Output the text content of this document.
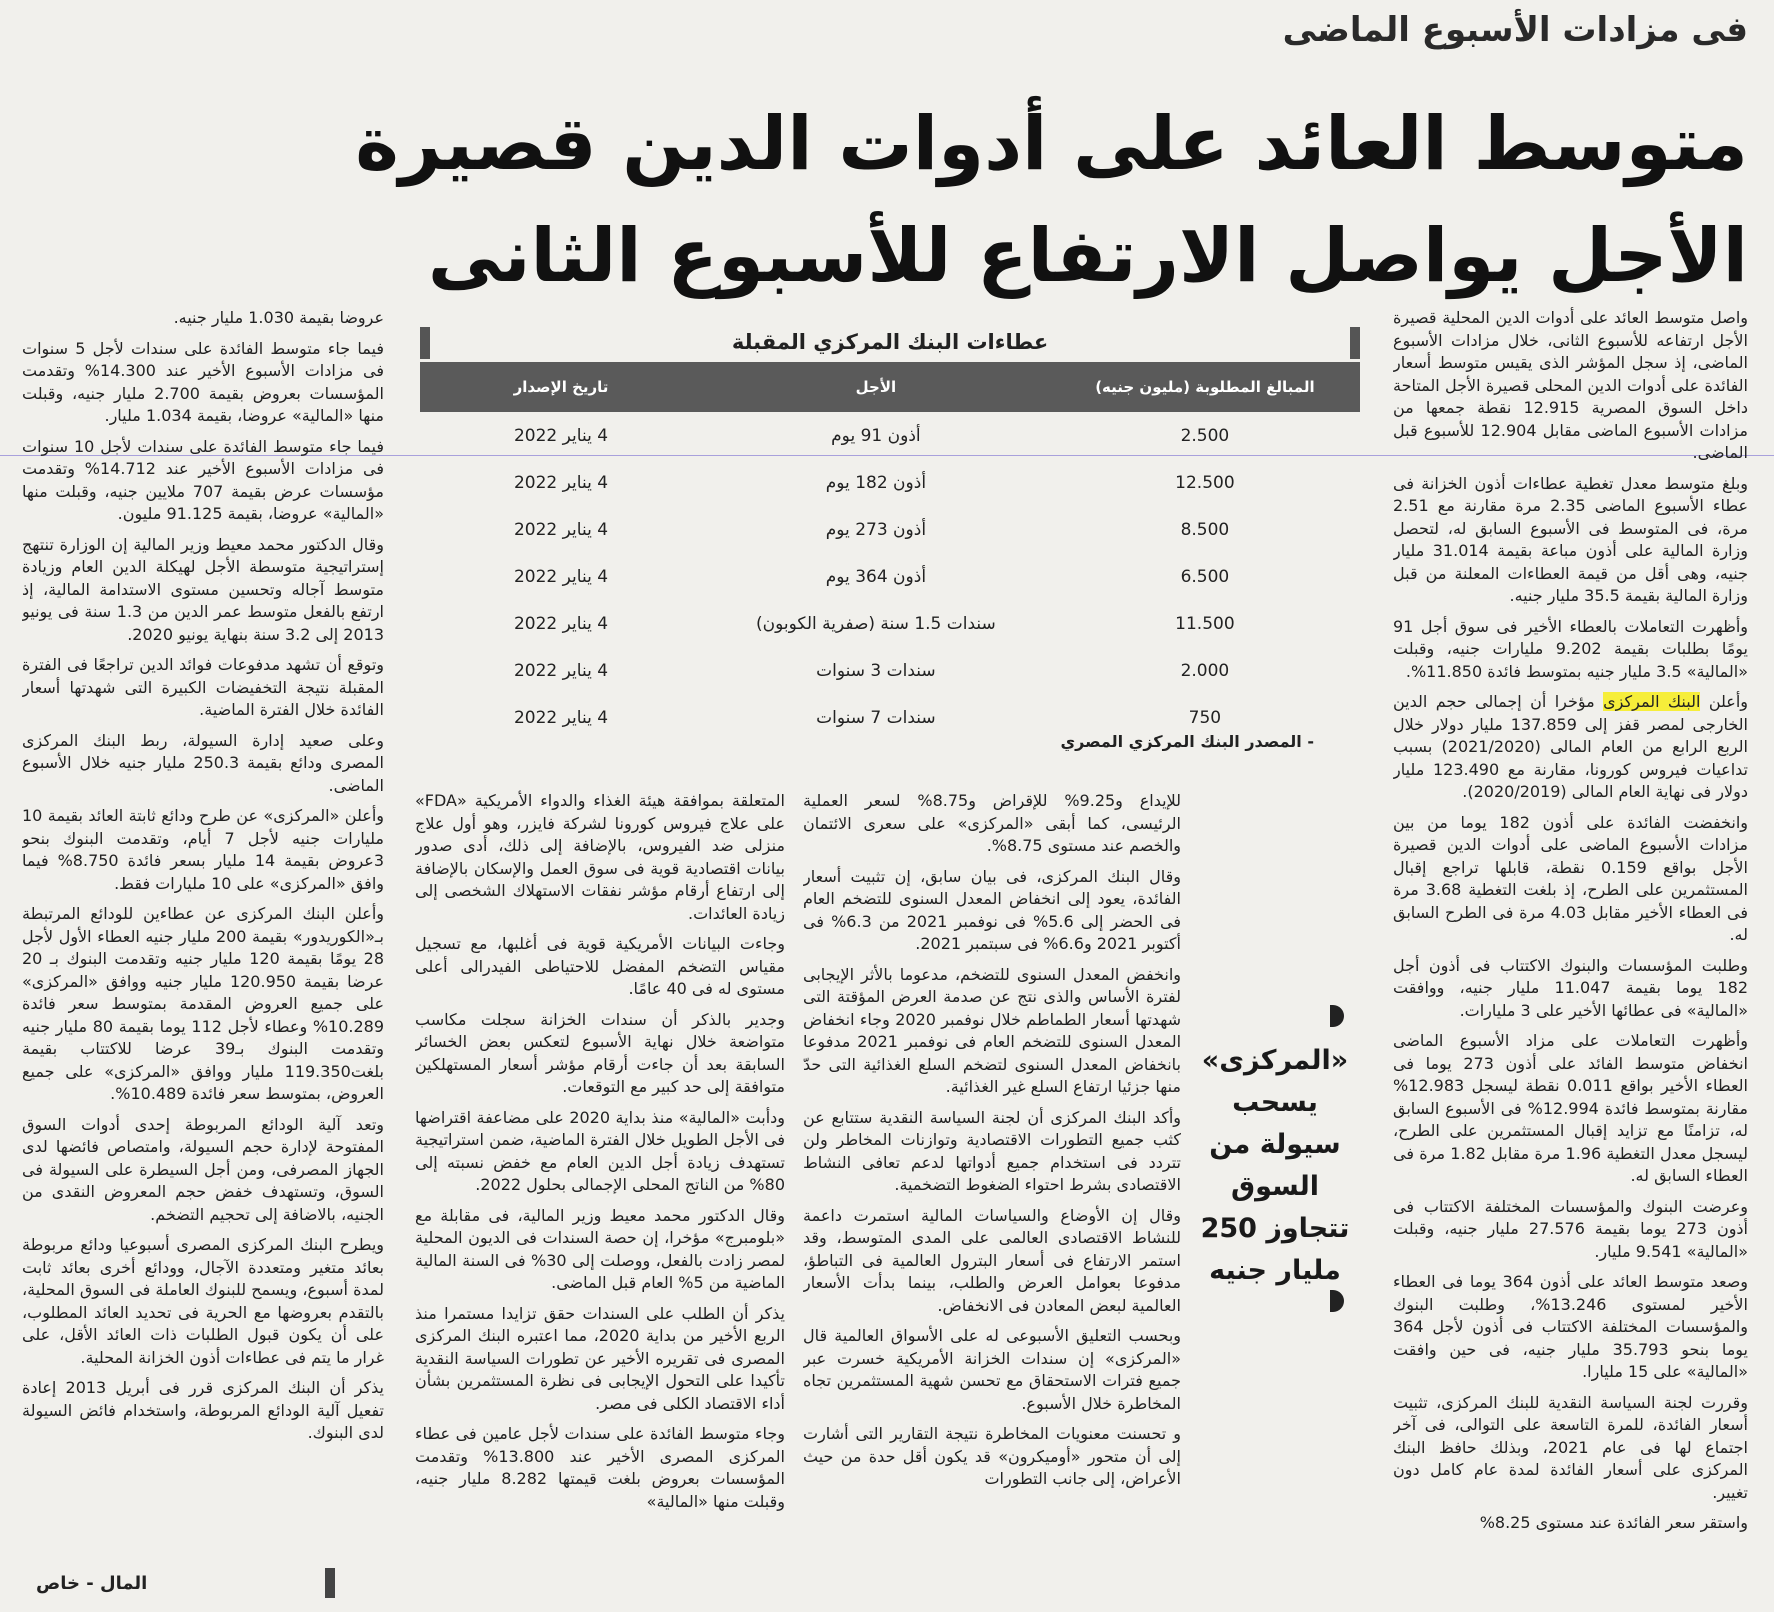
فى مزادات الأسبوع الماضى
متوسط العائد على أدوات الدين قصيرة الأجل يواصل الارتفاع للأسبوع الثانى

واصل متوسط العائد على أدوات الدين المحلية قصيرة الأجل ارتفاعه للأسبوع الثانى، خلال مزادات الأسبوع الماضى، إذ سجل المؤشر الذى يقيس متوسط أسعار الفائدة على أدوات الدين المحلى قصيرة الأجل المتاحة داخل السوق المصرية 12.915 نقطة جمعها من مزادات الأسبوع الماضى مقابل 12.904 للأسبوع قبل الماضى.

وبلغ متوسط معدل تغطية عطاءات أذون الخزانة فى عطاء الأسبوع الماضى 2.35 مرة مقارنة مع 2.51 مرة، فى المتوسط فى الأسبوع السابق له، لتحصل وزارة المالية على أذون مباعة بقيمة 31.014 مليار جنيه، وهى أقل من قيمة العطاءات المعلنة من قبل وزارة المالية بقيمة 35.5 مليار جنيه.

وأظهرت التعاملات بالعطاء الأخير فى سوق أجل 91 يومًا بطلبات بقيمة 9.202 مليارات جنيه، وقبلت «المالية» 3.5 مليار جنيه بمتوسط فائدة 11.850%.

وأعلن البنك المركزى مؤخرا أن إجمالى حجم الدين الخارجى لمصر قفز إلى 137.859 مليار دولار خلال الربع الرابع من العام المالى (2021/2020) بسبب تداعيات فيروس كورونا، مقارنة مع 123.490 مليار دولار فى نهاية العام المالى (2020/2019).

وانخفضت الفائدة على أذون 182 يوما من بين مزادات الأسبوع الماضى على أدوات الدين قصيرة الأجل بواقع 0.159 نقطة، قابلها تراجع إقبال المستثمرين على الطرح، إذ بلغت التغطية 3.68 مرة فى العطاء الأخير مقابل 4.03 مرة فى الطرح السابق له.

وطلبت المؤسسات والبنوك الاكتتاب فى أذون أجل 182 يوما بقيمة 11.047 مليار جنيه، ووافقت «المالية» فى عطائها الأخير على 3 مليارات.

وأظهرت التعاملات على مزاد الأسبوع الماضى انخفاض متوسط الفائد على أذون 273 يوما فى العطاء الأخير بواقع 0.011 نقطة ليسجل 12.983% مقارنة بمتوسط فائدة 12.994% فى الأسبوع السابق له، تزامنًا مع تزايد إقبال المستثمرين على الطرح، ليسجل معدل التغطية 1.96 مرة مقابل 1.82 مرة فى العطاء السابق له.

وعرضت البنوك والمؤسسات المختلفة الاكتتاب فى أذون 273 يوما بقيمة 27.576 مليار جنيه، وقبلت «المالية» 9.541 مليار.

وصعد متوسط العائد على أذون 364 يوما فى العطاء الأخير لمستوى 13.246%، وطلبت البنوك والمؤسسات المختلفة الاكتتاب فى أذون لأجل 364 يوما بنحو 35.793 مليار جنيه، فى حين وافقت «المالية» على 15 مليارا.

وقررت لجنة السياسة النقدية للبنك المركزى، تثبيت أسعار الفائدة، للمرة التاسعة على التوالى، فى آخر اجتماع لها فى عام 2021، وبذلك حافظ البنك المركزى على أسعار الفائدة لمدة عام كامل دون تغيير.

واستقر سعر الفائدة عند مستوى 8.25%

عطاءات البنك المركزي المقبلة
المبالغ المطلوبة (مليون جنيه)
الأجل
تاريخ الإصدار
2.500
أذون 91 يوم
4 يناير 2022
12.500
أذون 182 يوم
4 يناير 2022
8.500
أذون 273 يوم
4 يناير 2022
6.500
أذون 364 يوم
4 يناير 2022
11.500
سندات 1.5 سنة (صفرية الكوبون)
4 يناير 2022
2.000
سندات 3 سنوات
4 يناير 2022
750
سندات 7 سنوات
4 يناير 2022
- المصدر البنك المركزي المصري

للإيداع و9.25% للإقراض و8.75% لسعر العملية الرئيسى، كما أبقى «المركزى» على سعرى الائتمان والخصم عند مستوى 8.75%.

وقال البنك المركزى، فى بيان سابق، إن تثبيت أسعار الفائدة، يعود إلى انخفاض المعدل السنوى للتضخم العام فى الحضر إلى 5.6% فى نوفمبر 2021 من 6.3% فى أكتوبر 2021 و6.6% فى سبتمبر 2021.

وانخفض المعدل السنوى للتضخم، مدعوما بالأثر الإيجابى لفترة الأساس والذى نتج عن صدمة العرض المؤقتة التى شهدتها أسعار الطماطم خلال نوفمبر 2020 وجاء انخفاض المعدل السنوى للتضخم العام فى نوفمبر 2021 مدفوعا بانخفاض المعدل السنوى لتضخم السلع الغذائية التى حدّ منها جزئيا ارتفاع السلع غير الغذائية.

وأكد البنك المركزى أن لجنة السياسة النقدية ستتابع عن كثب جميع التطورات الاقتصادية وتوازنات المخاطر ولن تتردد فى استخدام جميع أدواتها لدعم تعافى النشاط الاقتصادى بشرط احتواء الضغوط التضخمية.

وقال إن الأوضاع والسياسات المالية استمرت داعمة للنشاط الاقتصادى العالمى على المدى المتوسط، وقد استمر الارتفاع فى أسعار البترول العالمية فى التباطؤ، مدفوعا بعوامل العرض والطلب، بينما بدأت الأسعار العالمية لبعض المعادن فى الانخفاض.

وبحسب التعليق الأسبوعى له على الأسواق العالمية قال «المركزى» إن سندات الخزانة الأمريكية خسرت عبر جميع فترات الاستحقاق مع تحسن شهية المستثمرين تجاه المخاطرة خلال الأسبوع.

و تحسنت معنويات المخاطرة نتيجة التقارير التى أشارت إلى أن متحور «أوميكرون» قد يكون أقل حدة من حيث الأعراض، إلى جانب التطورات

«المركزى» يسحب سيولة من السوق تتجاوز 250 مليار جنيه

المتعلقة بموافقة هيئة الغذاء والدواء الأمريكية «FDA» على علاج فيروس كورونا لشركة فايزر، وهو أول علاج منزلى ضد الفيروس، بالإضافة إلى ذلك، أدى صدور بيانات اقتصادية قوية فى سوق العمل والإسكان بالإضافة إلى ارتفاع أرقام مؤشر نفقات الاستهلاك الشخصى إلى زيادة العائدات.

وجاءت البيانات الأمريكية قوية فى أغلبها، مع تسجيل مقياس التضخم المفضل للاحتياطى الفيدرالى أعلى مستوى له فى 40 عامًا.

وجدير بالذكر أن سندات الخزانة سجلت مكاسب متواضعة خلال نهاية الأسبوع لتعكس بعض الخسائر السابقة بعد أن جاءت أرقام مؤشر أسعار المستهلكين متوافقة إلى حد كبير مع التوقعات.

ودأبت «المالية» منذ بداية 2020 على مضاعفة اقتراضها فى الأجل الطويل خلال الفترة الماضية، ضمن استراتيجية تستهدف زيادة أجل الدين العام مع خفض نسبته إلى 80% من الناتج المحلى الإجمالى بحلول 2022.

وقال الدكتور محمد معيط وزير المالية، فى مقابلة مع «بلومبرج» مؤخرا، إن حصة السندات فى الديون المحلية لمصر زادت بالفعل، ووصلت إلى 30% فى السنة المالية الماضية من 5% العام قبل الماضى.

يذكر أن الطلب على السندات حقق تزايدا مستمرا منذ الربع الأخير من بداية 2020، مما اعتبره البنك المركزى المصرى فى تقريره الأخير عن تطورات السياسة النقدية تأكيدا على التحول الإيجابى فى نظرة المستثمرين بشأن أداء الاقتصاد الكلى فى مصر.

وجاء متوسط الفائدة على سندات لأجل عامين فى عطاء المركزى المصرى الأخير عند 13.800% وتقدمت المؤسسات بعروض بلغت قيمتها 8.282 مليار جنيه، وقبلت منها «المالية»

عروضا بقيمة 1.030 مليار جنيه.

فيما جاء متوسط الفائدة على سندات لأجل 5 سنوات فى مزادات الأسبوع الأخير عند 14.300% وتقدمت المؤسسات بعروض بقيمة 2.700 مليار جنيه، وقبلت منها «المالية» عروضا، بقيمة 1.034 مليار.

فيما جاء متوسط الفائدة على سندات لأجل 10 سنوات فى مزادات الأسبوع الأخير عند 14.712% وتقدمت مؤسسات عرض بقيمة 707 ملايين جنيه، وقبلت منها «المالية» عروضا، بقيمة 91.125 مليون.

وقال الدكتور محمد معيط وزير المالية إن الوزارة تنتهج إستراتيجية متوسطة الأجل لهيكلة الدين العام وزيادة متوسط آجاله وتحسين مستوى الاستدامة المالية، إذ ارتفع بالفعل متوسط عمر الدين من 1.3 سنة فى يونيو 2013 إلى 3.2 سنة بنهاية يونيو 2020.

وتوقع أن تشهد مدفوعات فوائد الدين تراجعًا فى الفترة المقبلة نتيجة التخفيضات الكبيرة التى شهدتها أسعار الفائدة خلال الفترة الماضية.

وعلى صعيد إدارة السيولة، ربط البنك المركزى المصرى ودائع بقيمة 250.3 مليار جنيه خلال الأسبوع الماضى.

وأعلن «المركزى» عن طرح ودائع ثابتة العائد بقيمة 10 مليارات جنيه لأجل 7 أيام، وتقدمت البنوك بنحو 3عروض بقيمة 14 مليار بسعر فائدة 8.750% فيما وافق «المركزى» على 10 مليارات فقط.

وأعلن البنك المركزى عن عطاءين للودائع المرتبطة بـ«الكوريدور» بقيمة 200 مليار جنيه العطاء الأول لأجل 28 يومًا بقيمة 120 مليار جنيه وتقدمت البنوك بـ 20 عرضا بقيمة 120.950 مليار جنيه ووافق «المركزى» على جميع العروض المقدمة بمتوسط سعر فائدة 10.289% وعطاء لأجل 112 يوما بقيمة 80 مليار جنيه وتقدمت البنوك بـ39 عرضا للاكتتاب بقيمة بلغت119.350 مليار ووافق «المركزى» على جميع العروض، بمتوسط سعر فائدة 10.489%.

وتعد آلية الودائع المربوطة إحدى أدوات السوق المفتوحة لإدارة حجم السيولة، وامتصاص فائضها لدى الجهاز المصرفى، ومن أجل السيطرة على السيولة فى السوق، وتستهدف خفض حجم المعروض النقدى من الجنيه، بالاضافة إلى تحجيم التضخم.

ويطرح البنك المركزى المصرى أسبوعيا ودائع مربوطة بعائد متغير ومتعددة الآجال، وودائع أخرى بعائد ثابت لمدة أسبوع، ويسمح للبنوك العاملة فى السوق المحلية، بالتقدم بعروضها مع الحرية فى تحديد العائد المطلوب، على أن يكون قبول الطلبات ذات العائد الأقل، على غرار ما يتم فى عطاءات أذون الخزانة المحلية.

يذكر أن البنك المركزى قرر فى أبريل 2013 إعادة تفعيل آلية الودائع المربوطة، واستخدام فائض السيولة لدى البنوك.

المال - خاص
